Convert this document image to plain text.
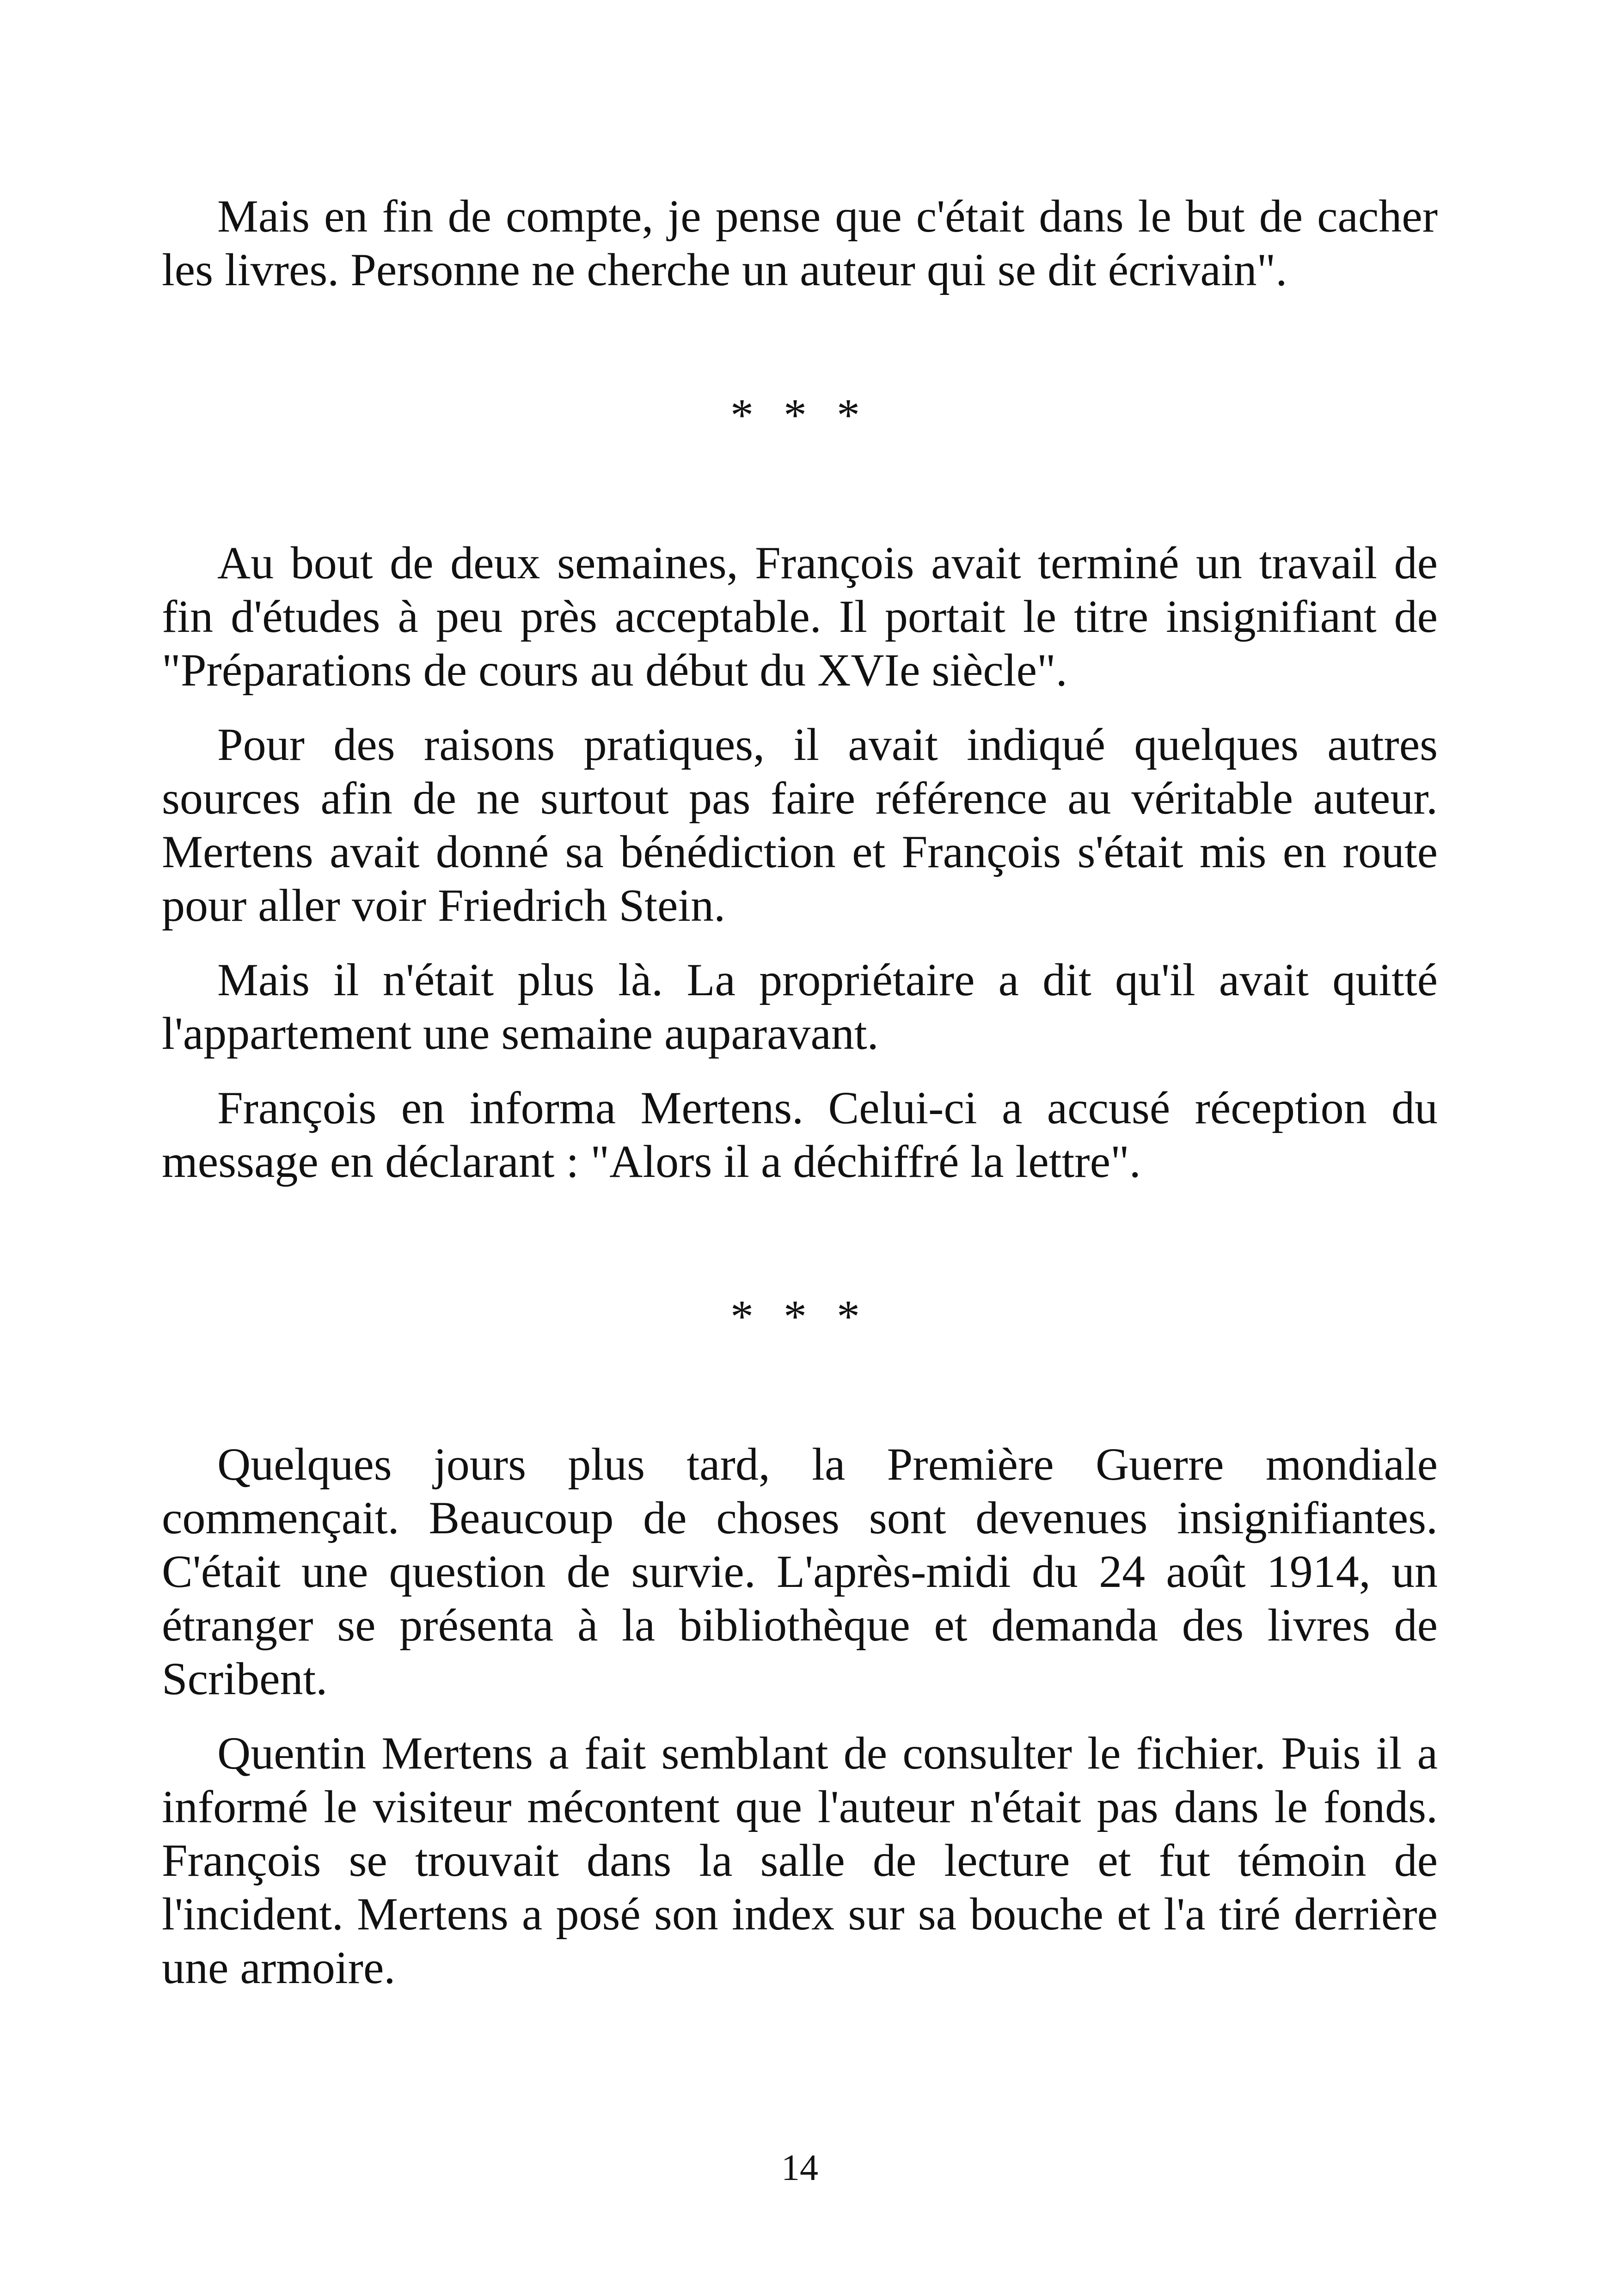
Mais en fin de compte, je pense que c'était dans le but de cacher les livres. Personne ne cherche un auteur qui se dit écrivain".

* * *

Au bout de deux semaines, François avait terminé un travail de fin d'études à peu près acceptable. Il portait le titre insignifiant de "Préparations de cours au début du XVIe siècle".

Pour des raisons pratiques, il avait indiqué quelques autres sources afin de ne surtout pas faire référence au véritable auteur. Mertens avait donné sa bénédiction et François s'était mis en route pour aller voir Friedrich Stein.

Mais il n'était plus là. La propriétaire a dit qu'il avait quitté l'appartement une semaine auparavant.

François en informa Mertens. Celui-ci a accusé réception du message en déclarant : "Alors il a déchiffré la lettre".

* * *

Quelques jours plus tard, la Première Guerre mondiale commençait. Beaucoup de choses sont devenues insignifiantes. C'était une question de survie. L'après-midi du 24 août 1914, un étranger se présenta à la bibliothèque et demanda des livres de Scribent.

Quentin Mertens a fait semblant de consulter le fichier. Puis il a informé le visiteur mécontent que l'auteur n'était pas dans le fonds. François se trouvait dans la salle de lecture et fut témoin de l'incident. Mertens a posé son index sur sa bouche et l'a tiré derrière une armoire.

14
